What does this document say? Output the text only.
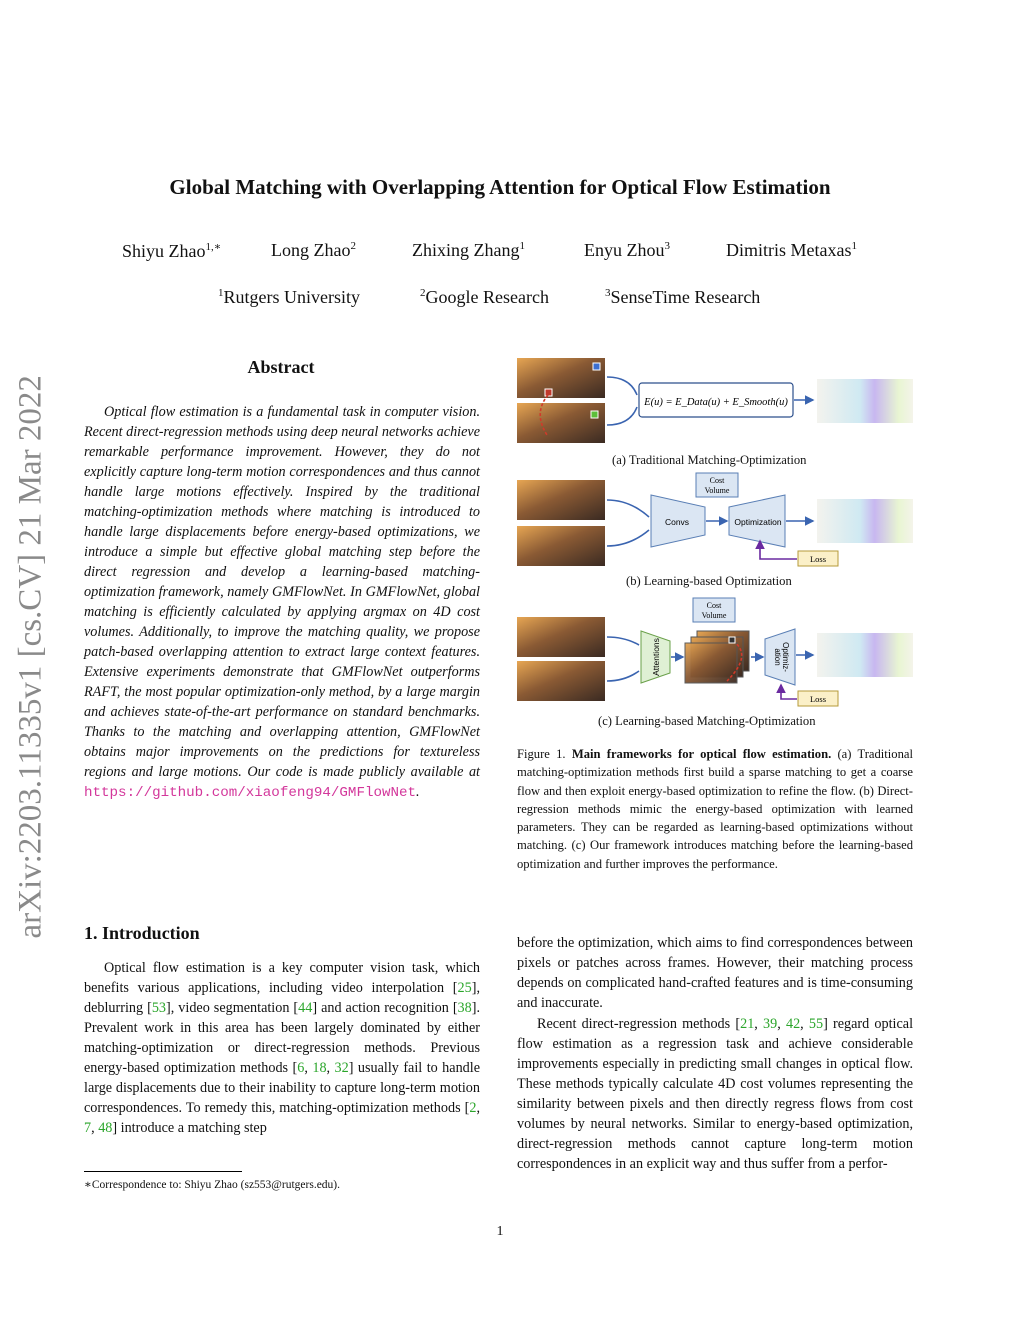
arXiv:2203.11335v1 [cs.CV] 21 Mar 2022
Global Matching with Overlapping Attention for Optical Flow Estimation
Shiyu Zhao$^{1,∗}$	Long Zhao$^2$	Zhixing Zhang$^1$	Enyu Zhou$^3$	Dimitris Metaxas$^1$
$^1$Rutgers University	$^2$Google Research	$^3$SenseTime Research
Abstract
Optical flow estimation is a fundamental task in computer vision. Recent direct-regression methods using deep neural networks achieve remarkable performance improvement. However, they do not explicitly capture long-term motion correspondences and thus cannot handle large motions effectively. Inspired by the traditional matching-optimization methods where matching is introduced to handle large displacements before energy-based optimizations, we introduce a simple but effective global matching step before the direct regression and develop a learning-based matching-optimization framework, namely GMFlowNet. In GMFlowNet, global matching is efficiently calculated by applying argmax on 4D cost volumes. Additionally, to improve the matching quality, we propose patch-based overlapping attention to extract large context features. Extensive experiments demonstrate that GMFlowNet outperforms RAFT, the most popular optimization-only method, by a large margin and achieves state-of-the-art performance on standard benchmarks. Thanks to the matching and overlapping attention, GMFlowNet obtains major improvements on the predictions for textureless regions and large motions. Our code is made publicly available at https://github.com/xiaofeng94/GMFlowNet.
E(u) = E_Data(u) + E_Smooth(u)
Convs
Cost
Volume
Optimization
Loss
Attentions
Cost
Volume
Optimiz-
ation
Loss
(a) Traditional Matching-Optimization
(b) Learning-based Optimization
(c) Learning-based Matching-Optimization
Figure 1. Main frameworks for optical flow estimation. (a) Traditional matching-optimization methods first build a sparse matching to get a coarse flow and then exploit energy-based optimization to refine the flow. (b) Direct-regression methods mimic the energy-based optimization with learned parameters. They can be regarded as learning-based optimizations without matching. (c) Our framework introduces matching before the learning-based optimization and further improves the performance.
1. Introduction
Optical flow estimation is a key computer vision task, which benefits various applications, including video interpolation [25], deblurring [53], video segmentation [44] and action recognition [38]. Prevalent work in this area has been largely dominated by either matching-optimization or direct-regression methods. Previous energy-based optimization methods [6, 18, 32] usually fail to handle large displacements due to their inability to capture long-term motion correspondences. To remedy this, matching-optimization methods [2, 7, 48] introduce a matching step
before the optimization, which aims to find correspondences between pixels or patches across frames. However, their matching process depends on complicated hand-crafted features and is time-consuming and inaccurate.
Recent direct-regression methods [21, 39, 42, 55] regard optical flow estimation as a regression task and achieve considerable improvements especially in predicting small changes in optical flow. These methods typically calculate 4D cost volumes representing the similarity between pixels and then directly regress flows from cost volumes by neural networks. Similar to energy-based optimization, direct-regression methods cannot capture long-term motion correspondences in an explicit way and thus suffer from a perfor-
∗Correspondence to: Shiyu Zhao (sz553@rutgers.edu).
1
